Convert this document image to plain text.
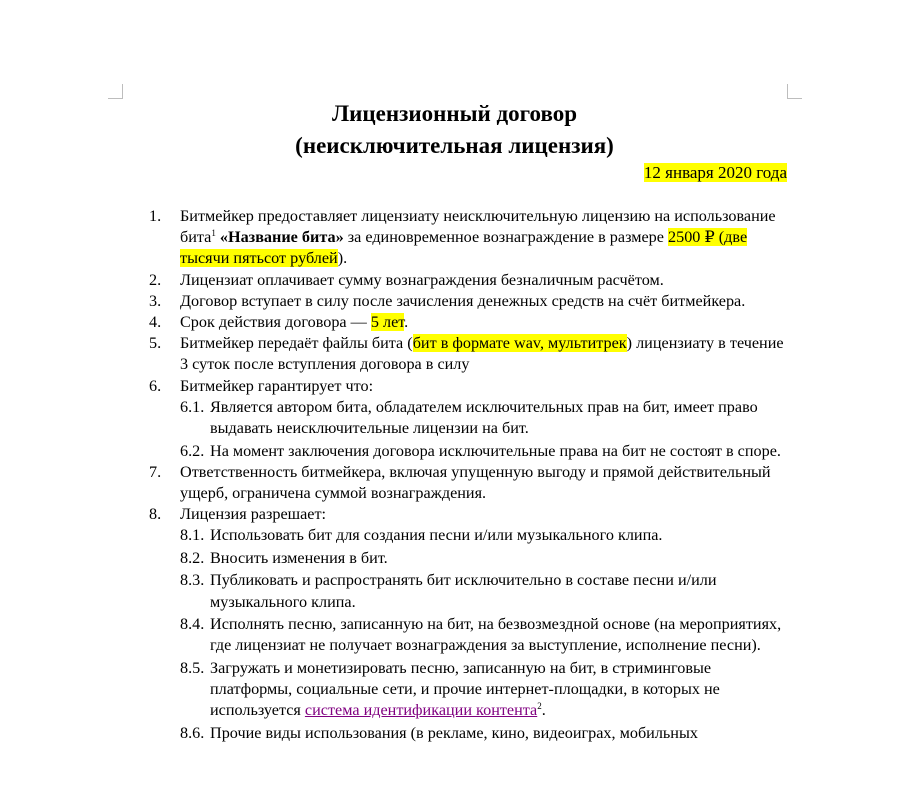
Лицензионный договор
(неисключительная лицензия)
12 января 2020 года
1. Битмейкер предоставляет лицензиату неисключительную лицензию на использование бита$^1$ «Название бита» за единовременное вознаграждение в размере 2500 ₽ (две тысячи пятьсот рублей).
2. Лицензиат оплачивает сумму вознаграждения безналичным расчётом.
3. Договор вступает в силу после зачисления денежных средств на счёт битмейкера.
4. Срок действия договора — 5 лет.
5. Битмейкер передаёт файлы бита (бит в формате wav, мультитрек) лицензиату в течение 3 суток после вступления договора в силу
6. Битмейкер гарантирует что:
6.1. Является автором бита, обладателем исключительных прав на бит, имеет право выдавать неисключительные лицензии на бит.
6.2. На момент заключения договора исключительные права на бит не состоят в споре.
7. Ответственность битмейкера, включая упущенную выгоду и прямой действительный ущерб, ограничена суммой вознаграждения.
8. Лицензия разрешает:
8.1. Использовать бит для создания песни и/или музыкального клипа.
8.2. Вносить изменения в бит.
8.3. Публиковать и распространять бит исключительно в составе песни и/или музыкального клипа.
8.4. Исполнять песню, записанную на бит, на безвозмездной основе (на мероприятиях, где лицензиат не получает вознаграждения за выступление, исполнение песни).
8.5. Загружать и монетизировать песню, записанную на бит, в стриминговые платформы, социальные сети, и прочие интернет-площадки, в которых не используется система идентификации контента$^2$.
8.6. Прочие виды использования (в рекламе, кино, видеоиграх, мобильных
